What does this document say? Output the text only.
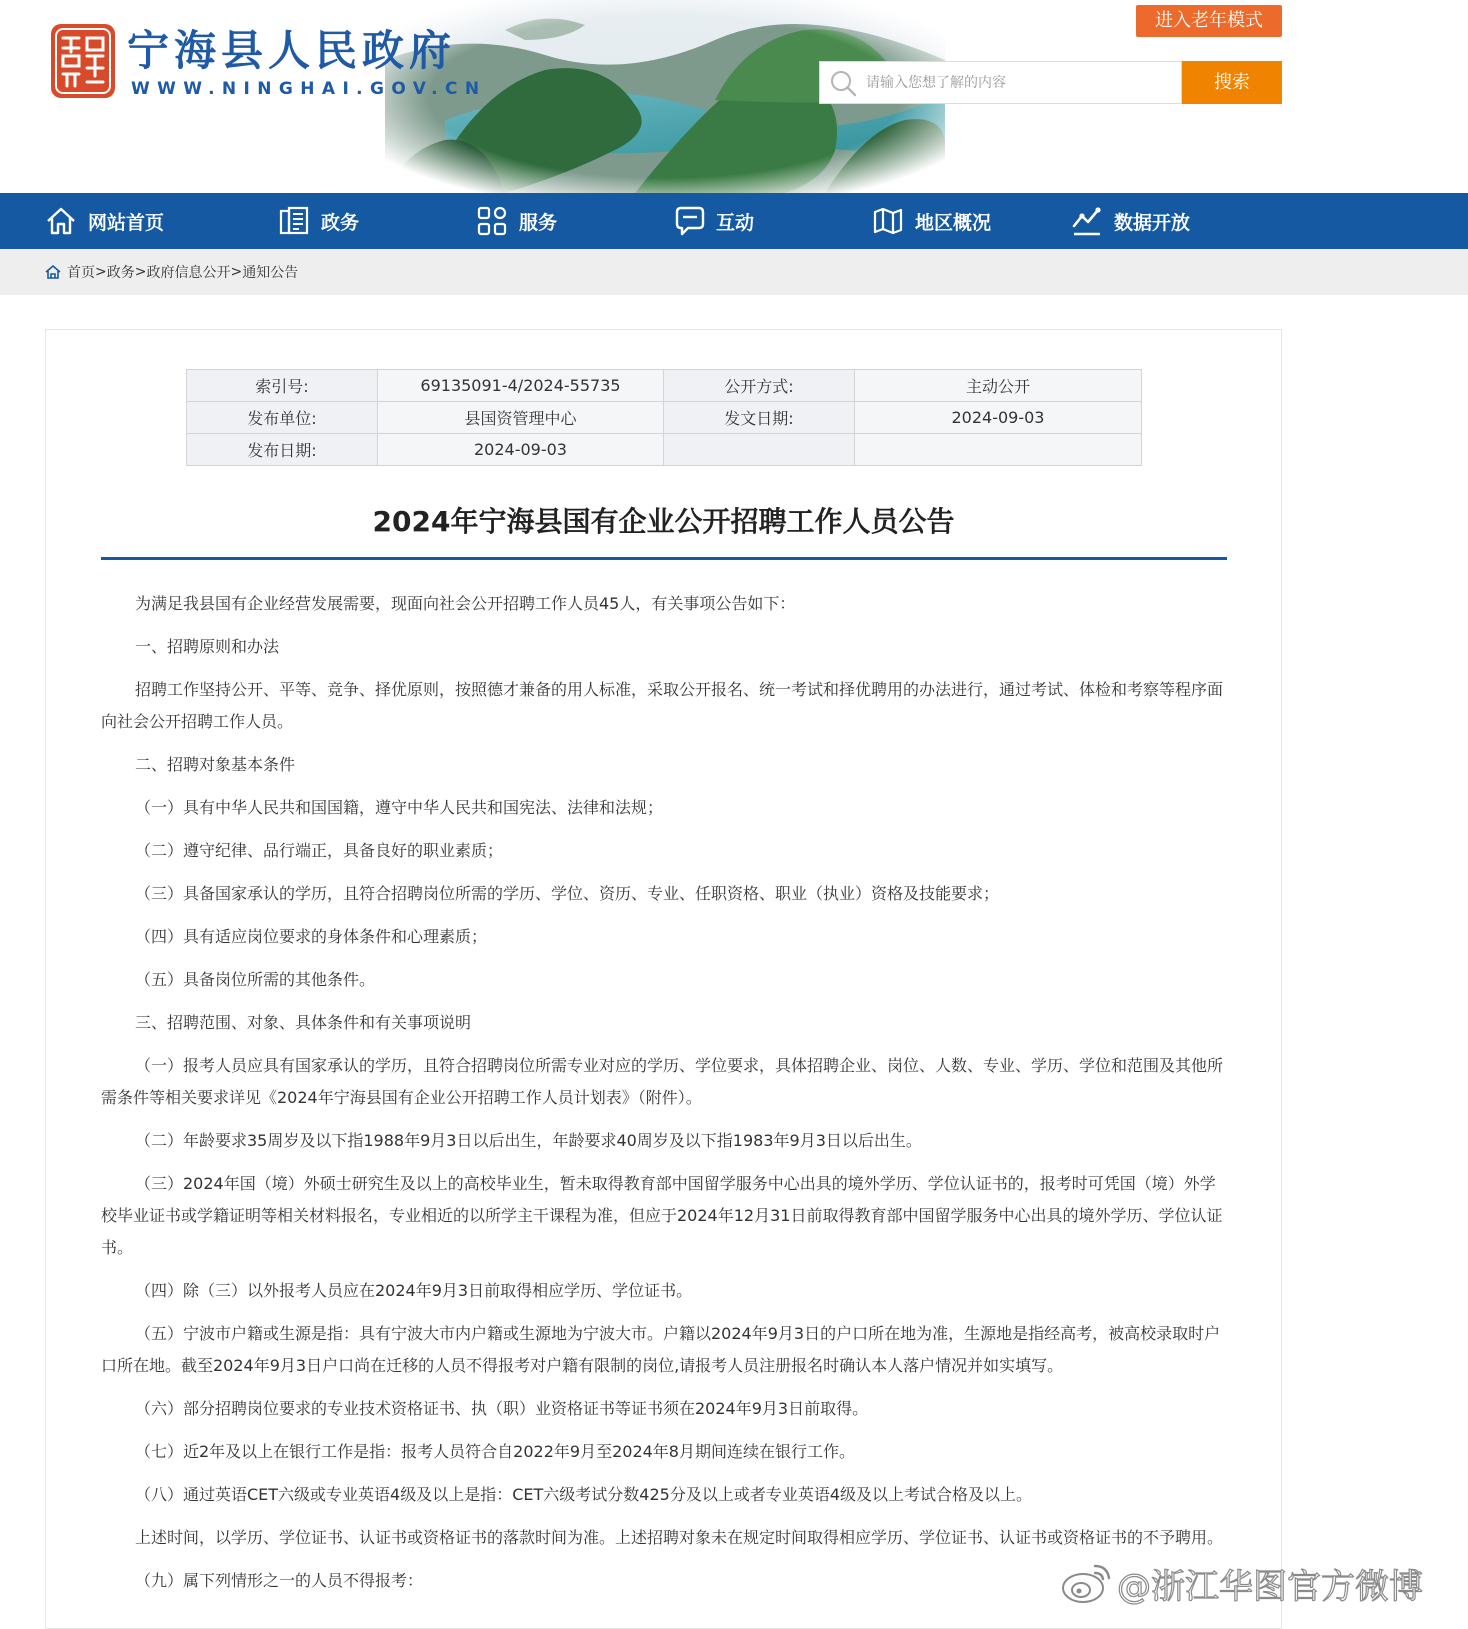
宁海县人民政府
WWW.NINGHAI.GOV.CN
进入老年模式
请输入您想了解的内容
搜索
网站首页	政务	服务	互动	地区概况	数据开放
首页 > 政务 > 政府信息公开 > 通知公告
索引号:	69135091-4/2024-55735	公开方式:	主动公开
发布单位:	县国资管理中心	发文日期:	2024-09-03
发布日期:	2024-09-03		
2024年宁海县国有企业公开招聘工作人员公告

为满足我县国有企业经营发展需要，现面向社会公开招聘工作人员45人，有关事项公告如下：

一、招聘原则和办法

招聘工作坚持公开、平等、竞争、择优原则，按照德才兼备的用人标准，采取公开报名、统一考试和择优聘用的办法进行，通过考试、体检和考察等程序面向社会公开招聘工作人员。

二、招聘对象基本条件

（一）具有中华人民共和国国籍，遵守中华人民共和国宪法、法律和法规；

（二）遵守纪律、品行端正，具备良好的职业素质；

（三）具备国家承认的学历，且符合招聘岗位所需的学历、学位、资历、专业、任职资格、职业（执业）资格及技能要求；

（四）具有适应岗位要求的身体条件和心理素质；

（五）具备岗位所需的其他条件。

三、招聘范围、对象、具体条件和有关事项说明

（一）报考人员应具有国家承认的学历，且符合招聘岗位所需专业对应的学历、学位要求，具体招聘企业、岗位、人数、专业、学历、学位和范围及其他所需条件等相关要求详见《2024年宁海县国有企业公开招聘工作人员计划表》（附件）。

（二）年龄要求35周岁及以下指1988年9月3日以后出生，年龄要求40周岁及以下指1983年9月3日以后出生。

（三）2024年国（境）外硕士研究生及以上的高校毕业生，暂未取得教育部中国留学服务中心出具的境外学历、学位认证书的，报考时可凭国（境）外学校毕业证书或学籍证明等相关材料报名，专业相近的以所学主干课程为准，但应于2024年12月31日前取得教育部中国留学服务中心出具的境外学历、学位认证书。

（四）除（三）以外报考人员应在2024年9月3日前取得相应学历、学位证书。

（五）宁波市户籍或生源是指：具有宁波大市内户籍或生源地为宁波大市。户籍以2024年9月3日的户口所在地为准，生源地是指经高考，被高校录取时户口所在地。截至2024年9月3日户口尚在迁移的人员不得报考对户籍有限制的岗位,请报考人员注册报名时确认本人落户情况并如实填写。

（六）部分招聘岗位要求的专业技术资格证书、执（职）业资格证书等证书须在2024年9月3日前取得。

（七）近2年及以上在银行工作是指：报考人员符合自2022年9月至2024年8月期间连续在银行工作。

（八）通过英语CET六级或专业英语4级及以上是指：CET六级考试分数425分及以上或者专业英语4级及以上考试合格及以上。

上述时间，以学历、学位证书、认证书或资格证书的落款时间为准。上述招聘对象未在规定时间取得相应学历、学位证书、认证书或资格证书的不予聘用。

（九）属下列情形之一的人员不得报考：	@浙江华图官方微博
